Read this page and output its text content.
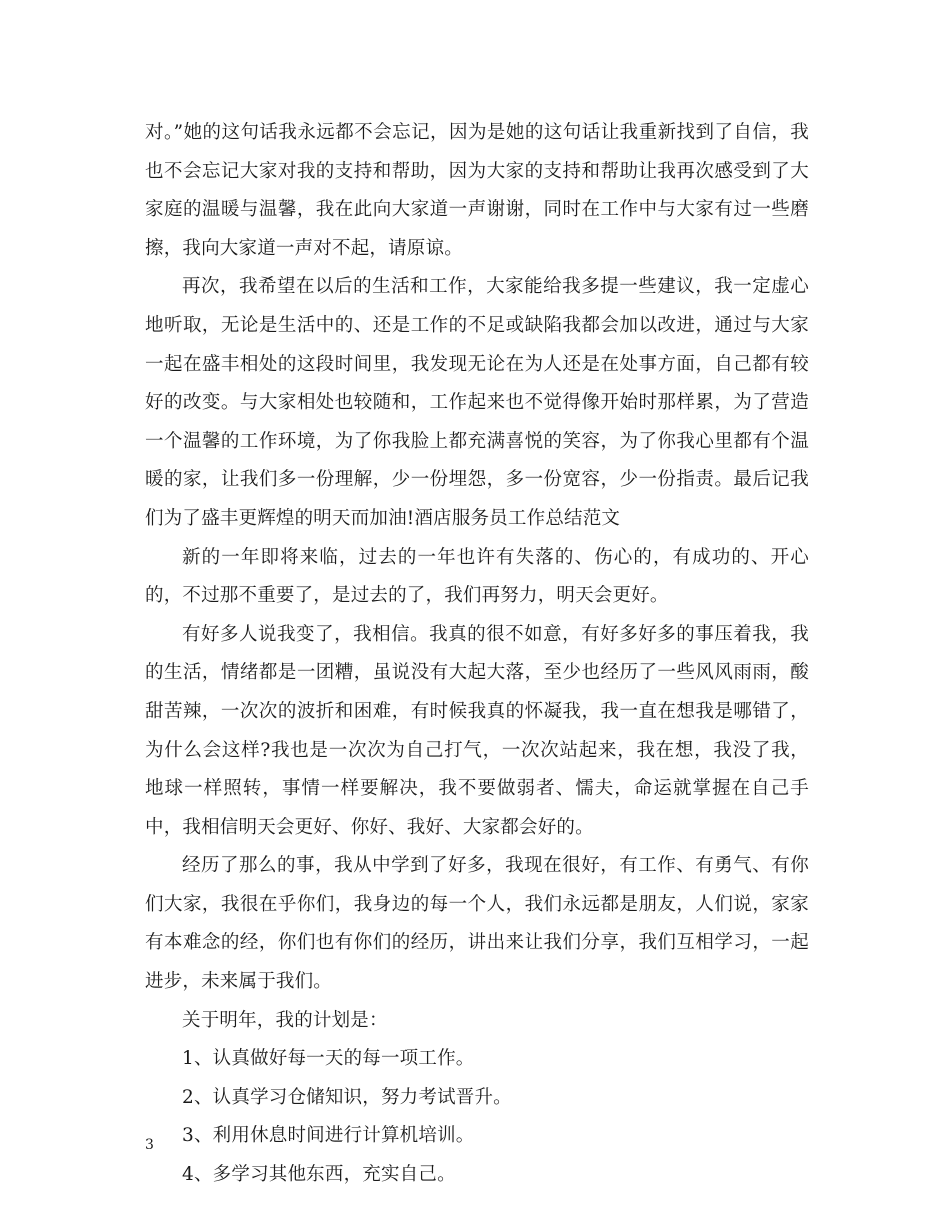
对。”她的这句话我永远都不会忘记，因为是她的这句话让我重新找到了自信，我也不会忘记大家对我的支持和帮助，因为大家的支持和帮助让我再次感受到了大家庭的温暖与温馨，我在此向大家道一声谢谢，同时在工作中与大家有过一些磨擦，我向大家道一声对不起，请原谅。

再次，我希望在以后的生活和工作，大家能给我多提一些建议，我一定虚心地听取，无论是生活中的、还是工作的不足或缺陷我都会加以改进，通过与大家一起在盛丰相处的这段时间里，我发现无论在为人还是在处事方面，自己都有较好的改变。与大家相处也较随和，工作起来也不觉得像开始时那样累，为了营造一个温馨的工作环境，为了你我脸上都充满喜悦的笑容，为了你我心里都有个温暖的家，让我们多一份理解，少一份埋怨，多一份宽容，少一份指责。最后记我们为了盛丰更辉煌的明天而加油!酒店服务员工作总结范文

新的一年即将来临，过去的一年也许有失落的、伤心的，有成功的、开心的，不过那不重要了，是过去的了，我们再努力，明天会更好。

有好多人说我变了，我相信。我真的很不如意，有好多好多的事压着我，我的生活，情绪都是一团糟，虽说没有大起大落，至少也经历了一些风风雨雨，酸甜苦辣，一次次的波折和困难，有时候我真的怀凝我，我一直在想我是哪错了，为什么会这样?我也是一次次为自己打气，一次次站起来，我在想，我没了我，地球一样照转，事情一样要解决，我不要做弱者、懦夫，命运就掌握在自己手中，我相信明天会更好、你好、我好、大家都会好的。

经历了那么的事，我从中学到了好多，我现在很好，有工作、有勇气、有你们大家，我很在乎你们，我身边的每一个人，我们永远都是朋友，人们说，家家有本难念的经，你们也有你们的经历，讲出来让我们分享，我们互相学习，一起进步，未来属于我们。

关于明年，我的计划是：

1、认真做好每一天的每一项工作。

2、认真学习仓储知识，努力考试晋升。

3、利用休息时间进行计算机培训。

4、多学习其他东西，充实自己。

3
